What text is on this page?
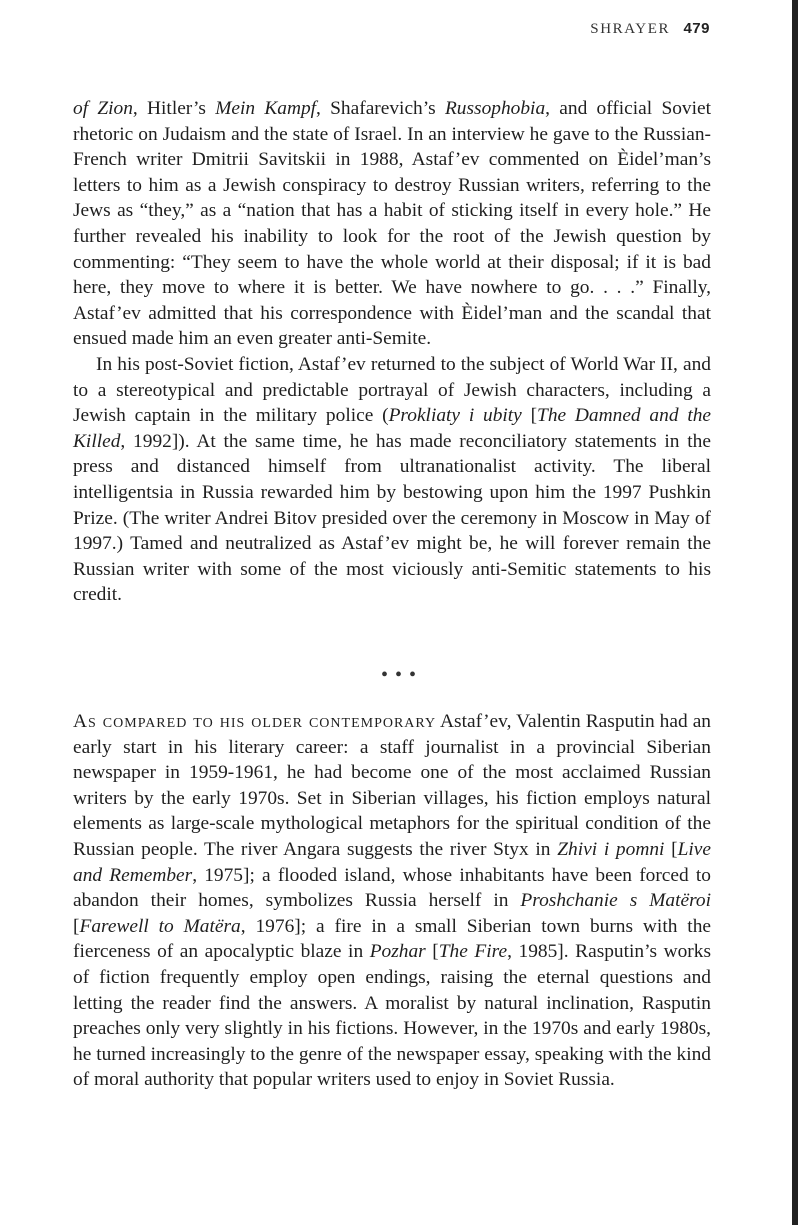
SHRAYER 479

of Zion, Hitler’s Mein Kampf, Shafarevich’s Russophobia, and official Soviet rhetoric on Judaism and the state of Israel. In an interview he gave to the Russian-French writer Dmitrii Savitskii in 1988, Astaf’ev commented on Èidel’man’s letters to him as a Jewish conspiracy to destroy Russian writers, referring to the Jews as “they,” as a “nation that has a habit of sticking itself in every hole.” He further revealed his inability to look for the root of the Jewish question by commenting: “They seem to have the whole world at their disposal; if it is bad here, they move to where it is better. We have nowhere to go. . . .” Finally, Astaf’ev admitted that his correspondence with Èidel’man and the scandal that ensued made him an even greater anti-Semite.

In his post-Soviet fiction, Astaf’ev returned to the subject of World War II, and to a stereotypical and predictable portrayal of Jewish characters, including a Jewish captain in the military police (Prokliaty i ubity [The Damned and the Killed, 1992]). At the same time, he has made reconciliatory statements in the press and distanced himself from ultranationalist activity. The liberal intelligentsia in Russia rewarded him by bestowing upon him the 1997 Pushkin Prize. (The writer Andrei Bitov presided over the ceremony in Moscow in May of 1997.) Tamed and neutralized as Astaf’ev might be, he will forever remain the Russian writer with some of the most viciously anti-Semitic statements to his credit.

• • •

As compared to his older contemporary Astaf’ev, Valentin Rasputin had an early start in his literary career: a staff journalist in a provincial Siberian newspaper in 1959-1961, he had become one of the most acclaimed Russian writers by the early 1970s. Set in Siberian villages, his fiction employs natural elements as large-scale mythological metaphors for the spiritual condition of the Russian people. The river Angara suggests the river Styx in Zhivi i pomni [Live and Remember, 1975]; a flooded island, whose inhabitants have been forced to abandon their homes, symbolizes Russia herself in Proshchanie s Matëroi [Farewell to Matëra, 1976]; a fire in a small Siberian town burns with the fierceness of an apocalyptic blaze in Pozhar [The Fire, 1985]. Rasputin’s works of fiction frequently employ open endings, raising the eternal questions and letting the reader find the answers. A moralist by natural inclination, Rasputin preaches only very slightly in his fictions. However, in the 1970s and early 1980s, he turned increasingly to the genre of the newspaper essay, speaking with the kind of moral authority that popular writers used to enjoy in Soviet Russia.
